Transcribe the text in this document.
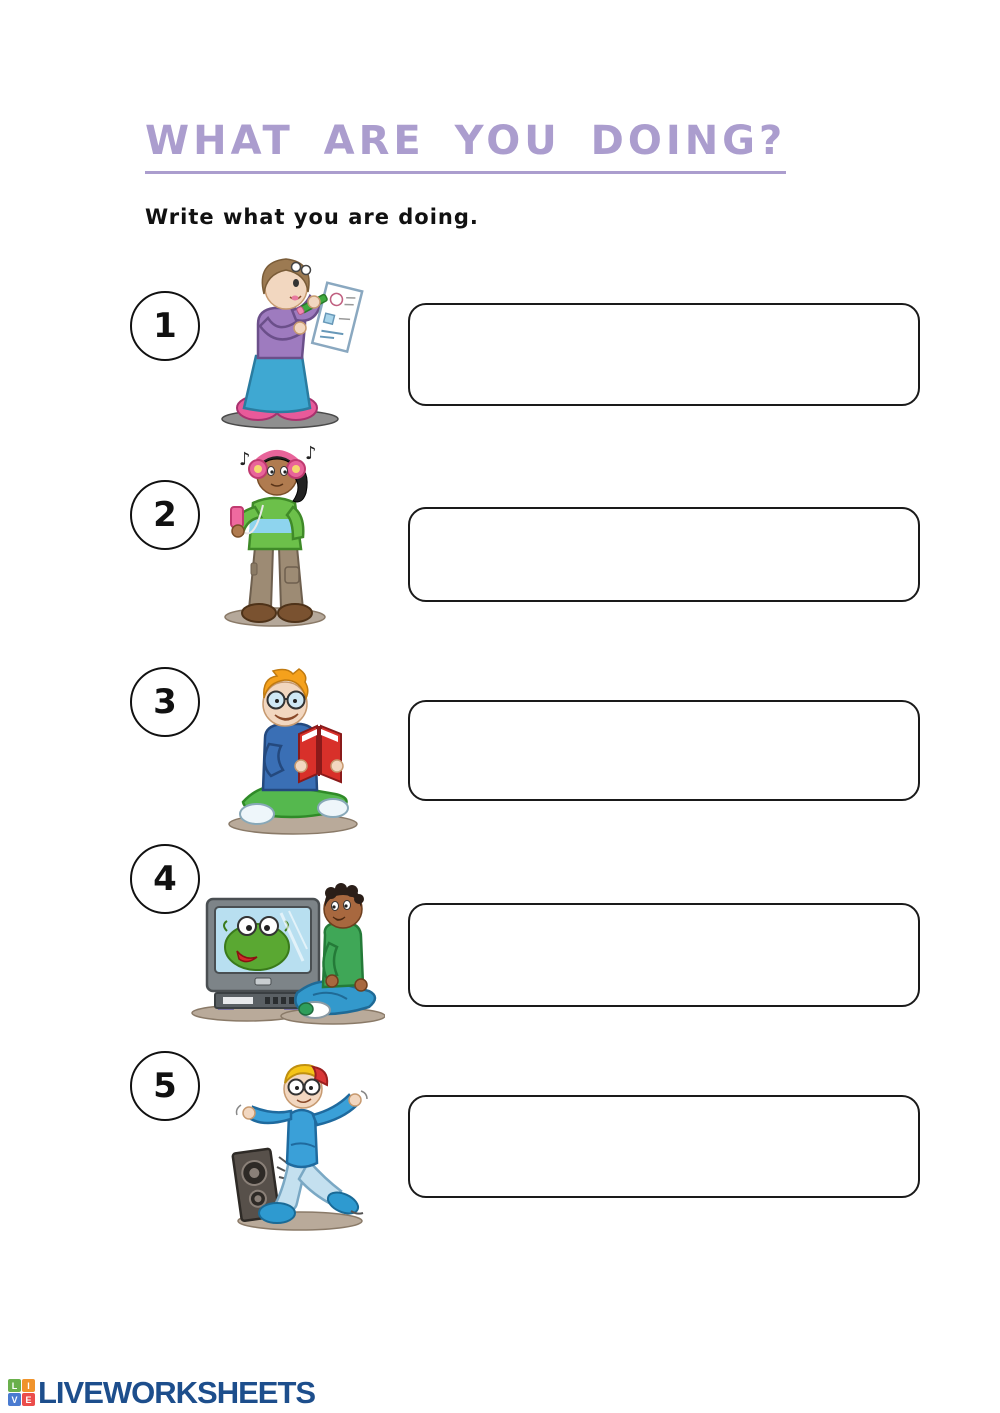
WHAT ARE YOU DOING?
Write what you are doing.
1
2
♪	♪
3
4
5
L	I
V E LIVEWORKSHEETS
